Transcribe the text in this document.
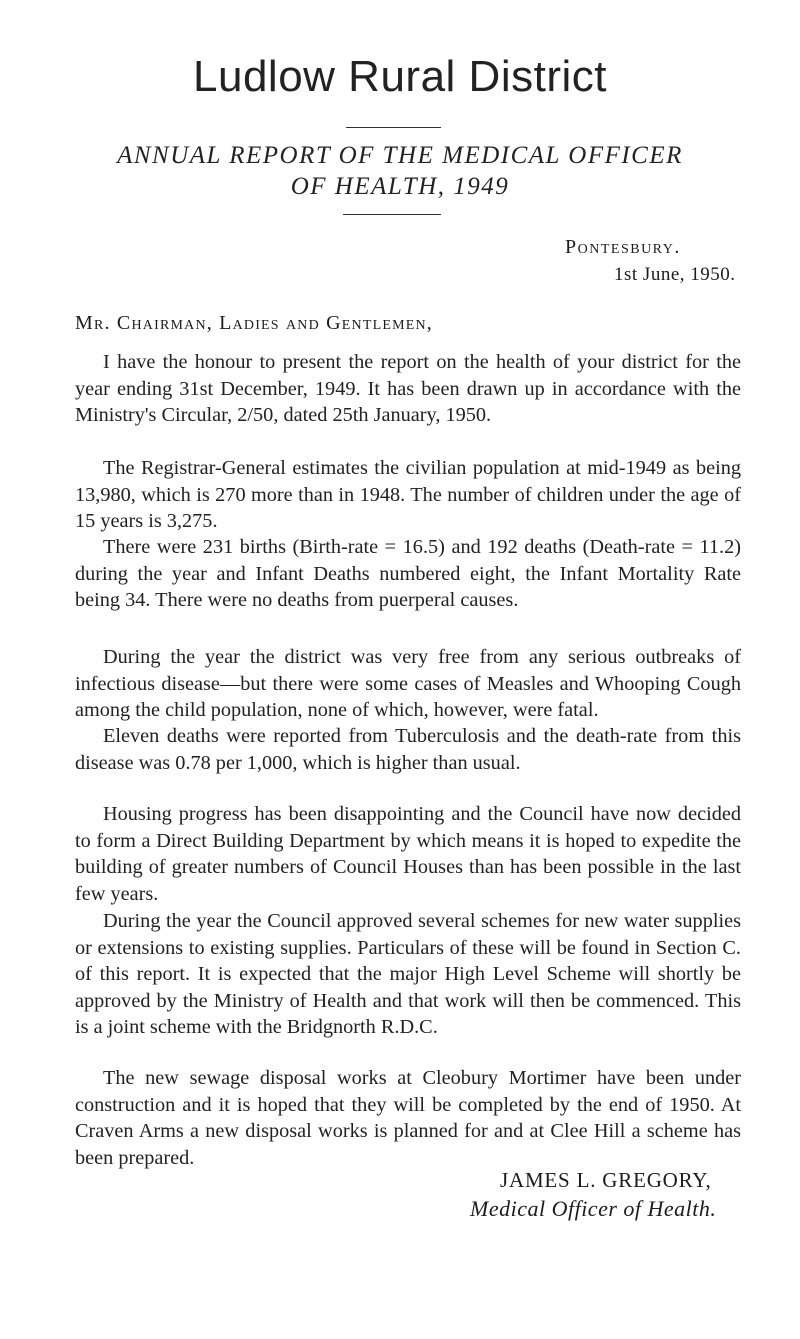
Ludlow Rural District
ANNUAL REPORT OF THE MEDICAL OFFICER
OF HEALTH, 1949
Pontesbury.
1st June, 1950.
Mr. Chairman, Ladies and Gentlemen,

I have the honour to present the report on the health of your district for the year ending 31st December, 1949. It has been drawn up in accordance with the Ministry's Circular, 2/50, dated 25th January, 1950.

The Registrar-General estimates the civilian population at mid-1949 as being 13,980, which is 270 more than in 1948. The number of children under the age of 15 years is 3,275.

There were 231 births (Birth-rate = 16.5) and 192 deaths (Death-rate = 11.2) during the year and Infant Deaths numbered eight, the Infant Mortality Rate being 34. There were no deaths from puerperal causes.

During the year the district was very free from any serious outbreaks of infectious disease—but there were some cases of Measles and Whooping Cough among the child population, none of which, however, were fatal.

Eleven deaths were reported from Tuberculosis and the death-rate from this disease was 0.78 per 1,000, which is higher than usual.

Housing progress has been disappointing and the Council have now decided to form a Direct Building Department by which means it is hoped to expedite the building of greater numbers of Council Houses than has been possible in the last few years.

During the year the Council approved several schemes for new water supplies or extensions to existing supplies. Particulars of these will be found in Section C. of this report. It is expected that the major High Level Scheme will shortly be approved by the Ministry of Health and that work will then be commenced. This is a joint scheme with the Bridgnorth R.D.C.

The new sewage disposal works at Cleobury Mortimer have been under construction and it is hoped that they will be completed by the end of 1950. At Craven Arms a new disposal works is planned for and at Clee Hill a scheme has been prepared.

JAMES L. GREGORY,
Medical Officer of Health.
